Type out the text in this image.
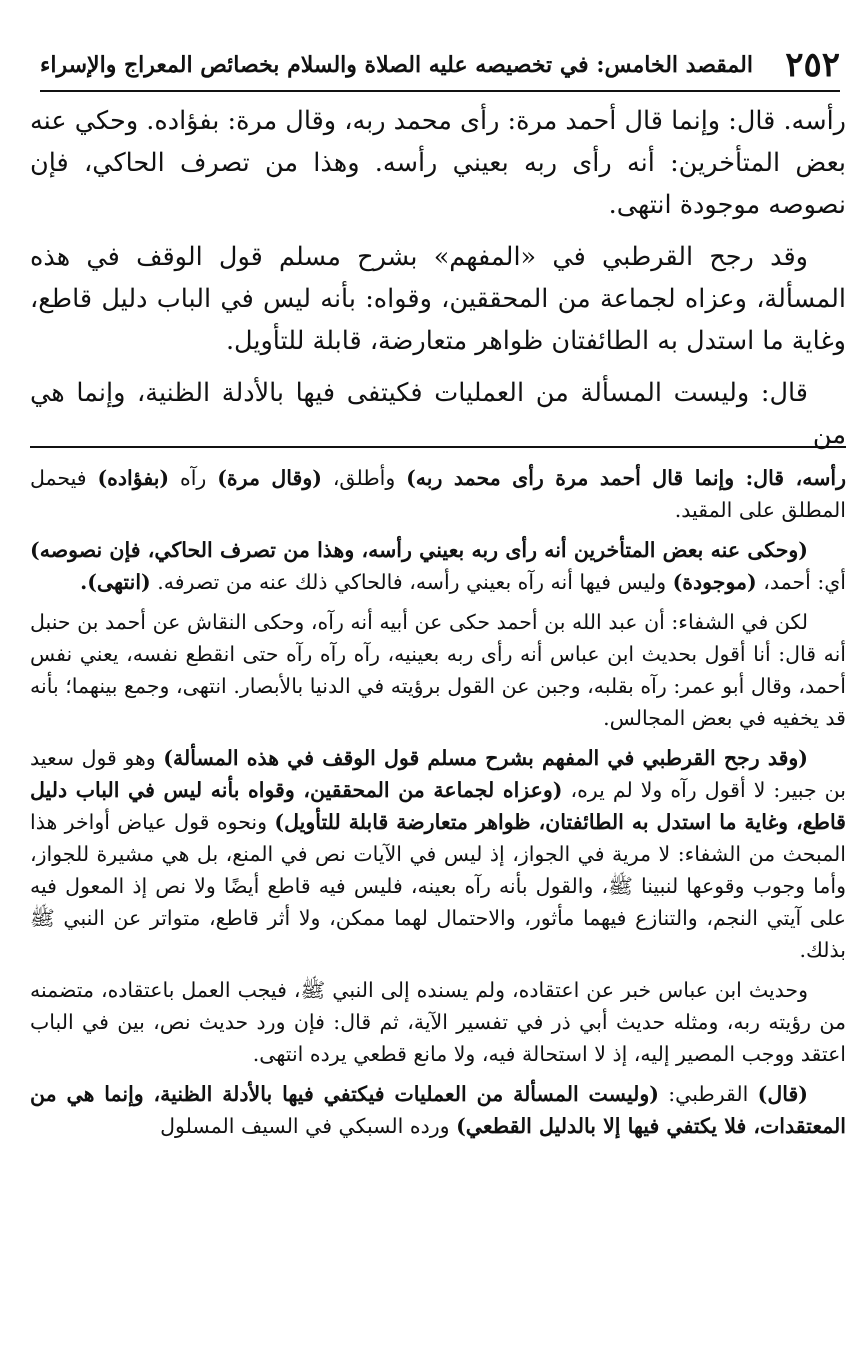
٢٥٢
المقصد الخامس: في تخصيصه عليه الصلاة والسلام بخصائص المعراج والإسراء

رأسه. قال: وإنما قال أحمد مرة: رأى محمد ربه، وقال مرة: بفؤاده. وحكي عنه بعض المتأخرين: أنه رأى ربه بعيني رأسه. وهذا من تصرف الحاكي، فإن نصوصه موجودة انتهى.

وقد رجح القرطبي في «المفهم» بشرح مسلم قول الوقف في هذه المسألة، وعزاه لجماعة من المحققين، وقواه: بأنه ليس في الباب دليل قاطع، وغاية ما استدل به الطائفتان ظواهر متعارضة، قابلة للتأويل.

قال: وليست المسألة من العمليات فكيتفى فيها بالأدلة الظنية، وإنما هي من

رأسه، قال: وإنما قال أحمد مرة رأى محمد ربه) وأطلق، (وقال مرة) رآه (بفؤاده) فيحمل المطلق على المقيد.

(وحكى عنه بعض المتأخرين أنه رأى ربه بعيني رأسه، وهذا من تصرف الحاكي، فإن نصوصه) أي: أحمد، (موجودة) وليس فيها أنه رآه بعيني رأسه، فالحاكي ذلك عنه من تصرفه. (انتهى).

لكن في الشفاء: أن عبد الله بن أحمد حكى عن أبيه أنه رآه، وحكى النقاش عن أحمد بن حنبل أنه قال: أنا أقول بحديث ابن عباس أنه رأى ربه بعينيه، رآه رآه رآه حتى انقطع نفسه، يعني نفس أحمد، وقال أبو عمر: رآه بقلبه، وجبن عن القول برؤيته في الدنيا بالأبصار. انتهى، وجمع بينهما؛ بأنه قد يخفيه في بعض المجالس.

(وقد رجح القرطبي في المفهم بشرح مسلم قول الوقف في هذه المسألة) وهو قول سعيد بن جبير: لا أقول رآه ولا لم يره، (وعزاه لجماعة من المحققين، وقواه بأنه ليس في الباب دليل قاطع، وغاية ما استدل به الطائفتان، ظواهر متعارضة قابلة للتأويل) ونحوه قول عياض أواخر هذا المبحث من الشفاء: لا مرية في الجواز، إذ ليس في الآيات نص في المنع، بل هي مشيرة للجواز، وأما وجوب وقوعها لنبينا ﷺ، والقول بأنه رآه بعينه، فليس فيه قاطع أيضًا ولا نص إذ المعول فيه على آيتي النجم، والتنازع فيهما مأثور، والاحتمال لهما ممكن، ولا أثر قاطع، متواتر عن النبي ﷺ بذلك.

وحديث ابن عباس خبر عن اعتقاده، ولم يسنده إلى النبي ﷺ، فيجب العمل باعتقاده، متضمنه من رؤيته ربه، ومثله حديث أبي ذر في تفسير الآية، ثم قال: فإن ورد حديث نص، بين في الباب اعتقد ووجب المصير إليه، إذ لا استحالة فيه، ولا مانع قطعي يرده انتهى.

(قال) القرطبي: (وليست المسألة من العمليات فيكتفي فيها بالأدلة الظنية، وإنما هي من المعتقدات، فلا يكتفي فيها إلا بالدليل القطعي) ورده السبكي في السيف المسلول
